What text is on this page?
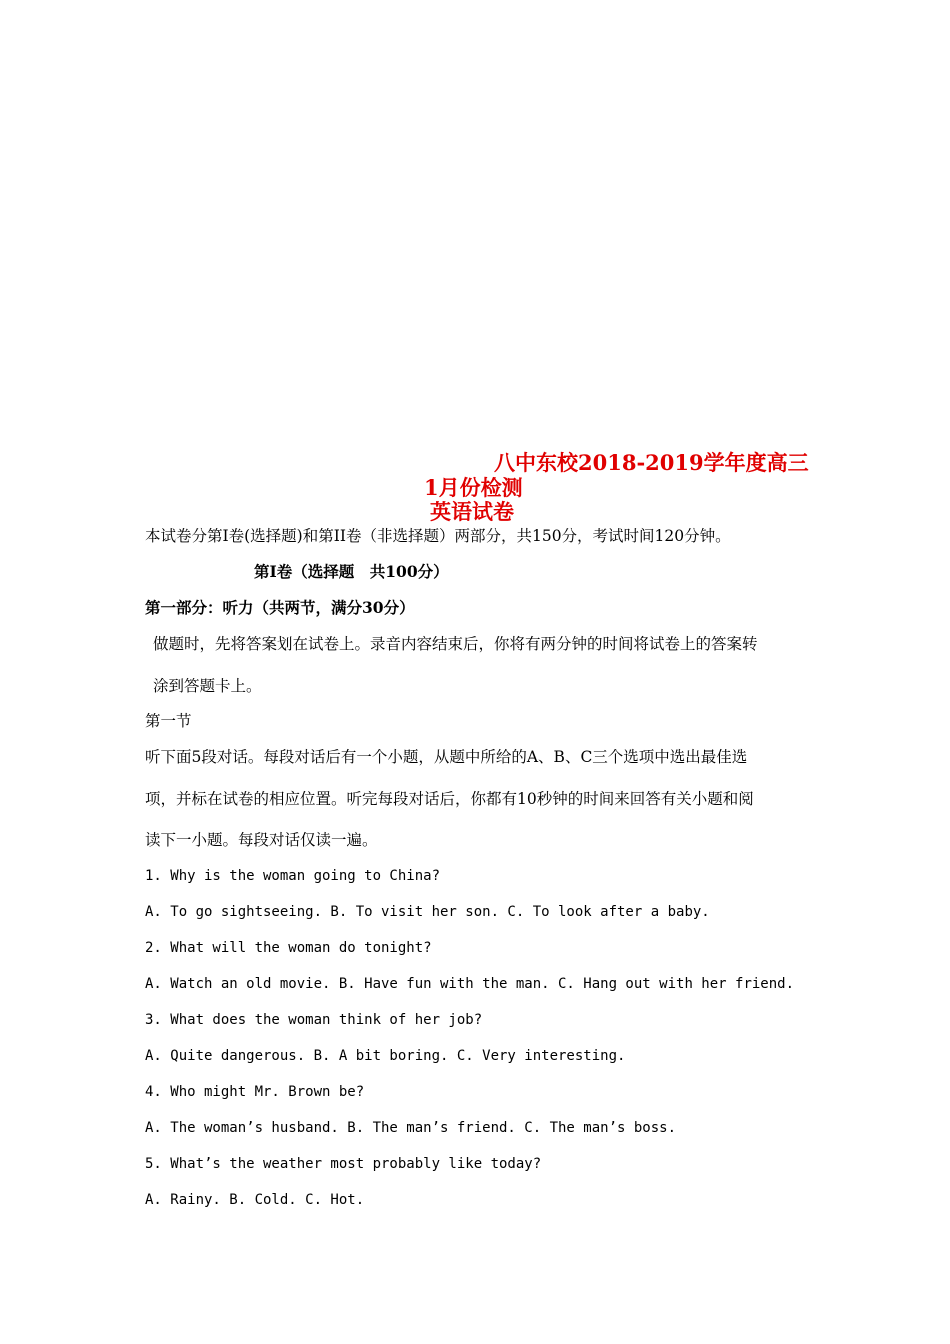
八中东校2018-2019学年度高三
1月份检测
英语试卷
本试卷分第Ⅰ卷(选择题)和第II卷（非选择题）两部分，共150分，考试时间120分钟。
第Ⅰ卷（选择题　共100分）
第一部分：听力（共两节，满分30分）
做题时，先将答案划在试卷上。录音内容结束后，你将有两分钟的时间将试卷上的答案转
涂到答题卡上。
第一节
听下面5段对话。每段对话后有一个小题，从题中所给的A、B、C三个选项中选出最佳选
项，并标在试卷的相应位置。听完每段对话后，你都有10秒钟的时间来回答有关小题和阅
读下一小题。每段对话仅读一遍。
1. Why is the woman going to China?
A. To go sightseeing. B. To visit her son. C. To look after a baby.
2. What will the woman do tonight?
A. Watch an old movie. B. Have fun with the man. C. Hang out with her friend.
3. What does the woman think of her job?
A. Quite dangerous. B. A bit boring. C. Very interesting.
4. Who might Mr. Brown be?
A. The woman’s husband. B. The man’s friend. C. The man’s boss.
5. What’s the weather most probably like today?
A. Rainy. B. Cold. C. Hot.
